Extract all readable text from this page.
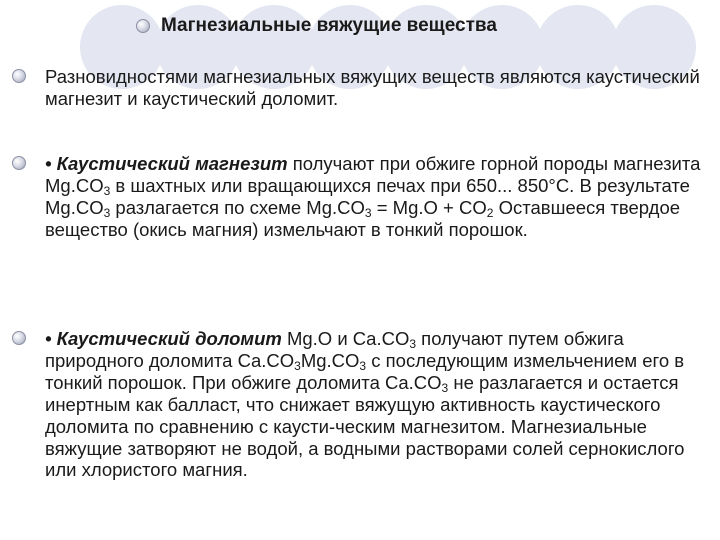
Магнезиальные вяжущие вещества
Разновидностями магнезиальных вяжущих веществ являются каустический магнезит и каустический доломит.
• Каустический магнезит получают при обжиге горной породы магнезита $Mg.CO_3$ в шахтных или вращающихся печах при 650... 850°С. В результате $Mg.CO_3$ разлагается по схеме $Mg.CO_3 = Mg.O + CO_2$ Оставшееся твердое вещество (окись магния) измельчают в тонкий порошок.
• Каустический доломит Mg.O и $Ca.CO_3$ получают путем обжига природного доломита $Ca.CO_3Mg.CO_3$ с последующим измельчением его в тонкий порошок. При обжиге доломита $Ca.CO_3$ не разлагается и остается инертным как балласт, что снижает вяжущую активность каустического доломита по сравнению с каусти-ческим магнезитом. Магнезиальные вяжущие затворяют не водой, а водными растворами солей сернокислого или хлористого магния.
